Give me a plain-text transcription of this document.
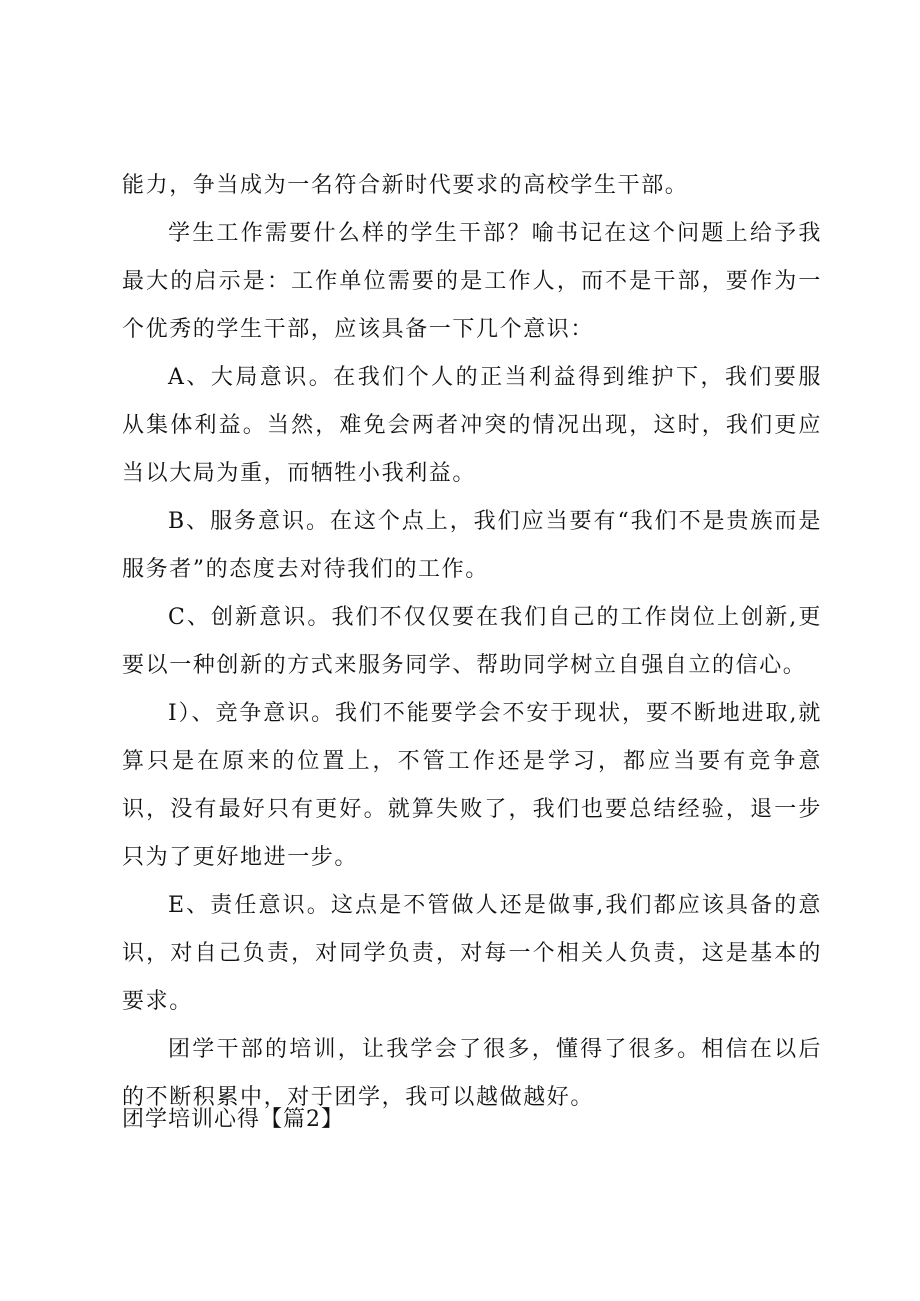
能力，争当成为一名符合新时代要求的高校学生干部。

学生工作需要什么样的学生干部？喻书记在这个问题上给予我最大的启示是：工作单位需要的是工作人，而不是干部，要作为一个优秀的学生干部，应该具备一下几个意识：

A、大局意识。在我们个人的正当利益得到维护下，我们要服从集体利益。当然，难免会两者冲突的情况出现，这时，我们更应当以大局为重，而牺牲小我利益。

B、服务意识。在这个点上，我们应当要有“我们不是贵族而是服务者”的态度去对待我们的工作。

C、创新意识。我们不仅仅要在我们自己的工作岗位上创新,更要以一种创新的方式来服务同学、帮助同学树立自强自立的信心。

I）、竞争意识。我们不能要学会不安于现状，要不断地进取,就算只是在原来的位置上，不管工作还是学习，都应当要有竞争意识，没有最好只有更好。就算失败了，我们也要总结经验，退一步只为了更好地进一步。

E、责任意识。这点是不管做人还是做事,我们都应该具备的意识，对自己负责，对同学负责，对每一个相关人负责，这是基本的要求。

团学干部的培训，让我学会了很多，懂得了很多。相信在以后的不断积累中，对于团学，我可以越做越好。

团学培训心得【篇2】
